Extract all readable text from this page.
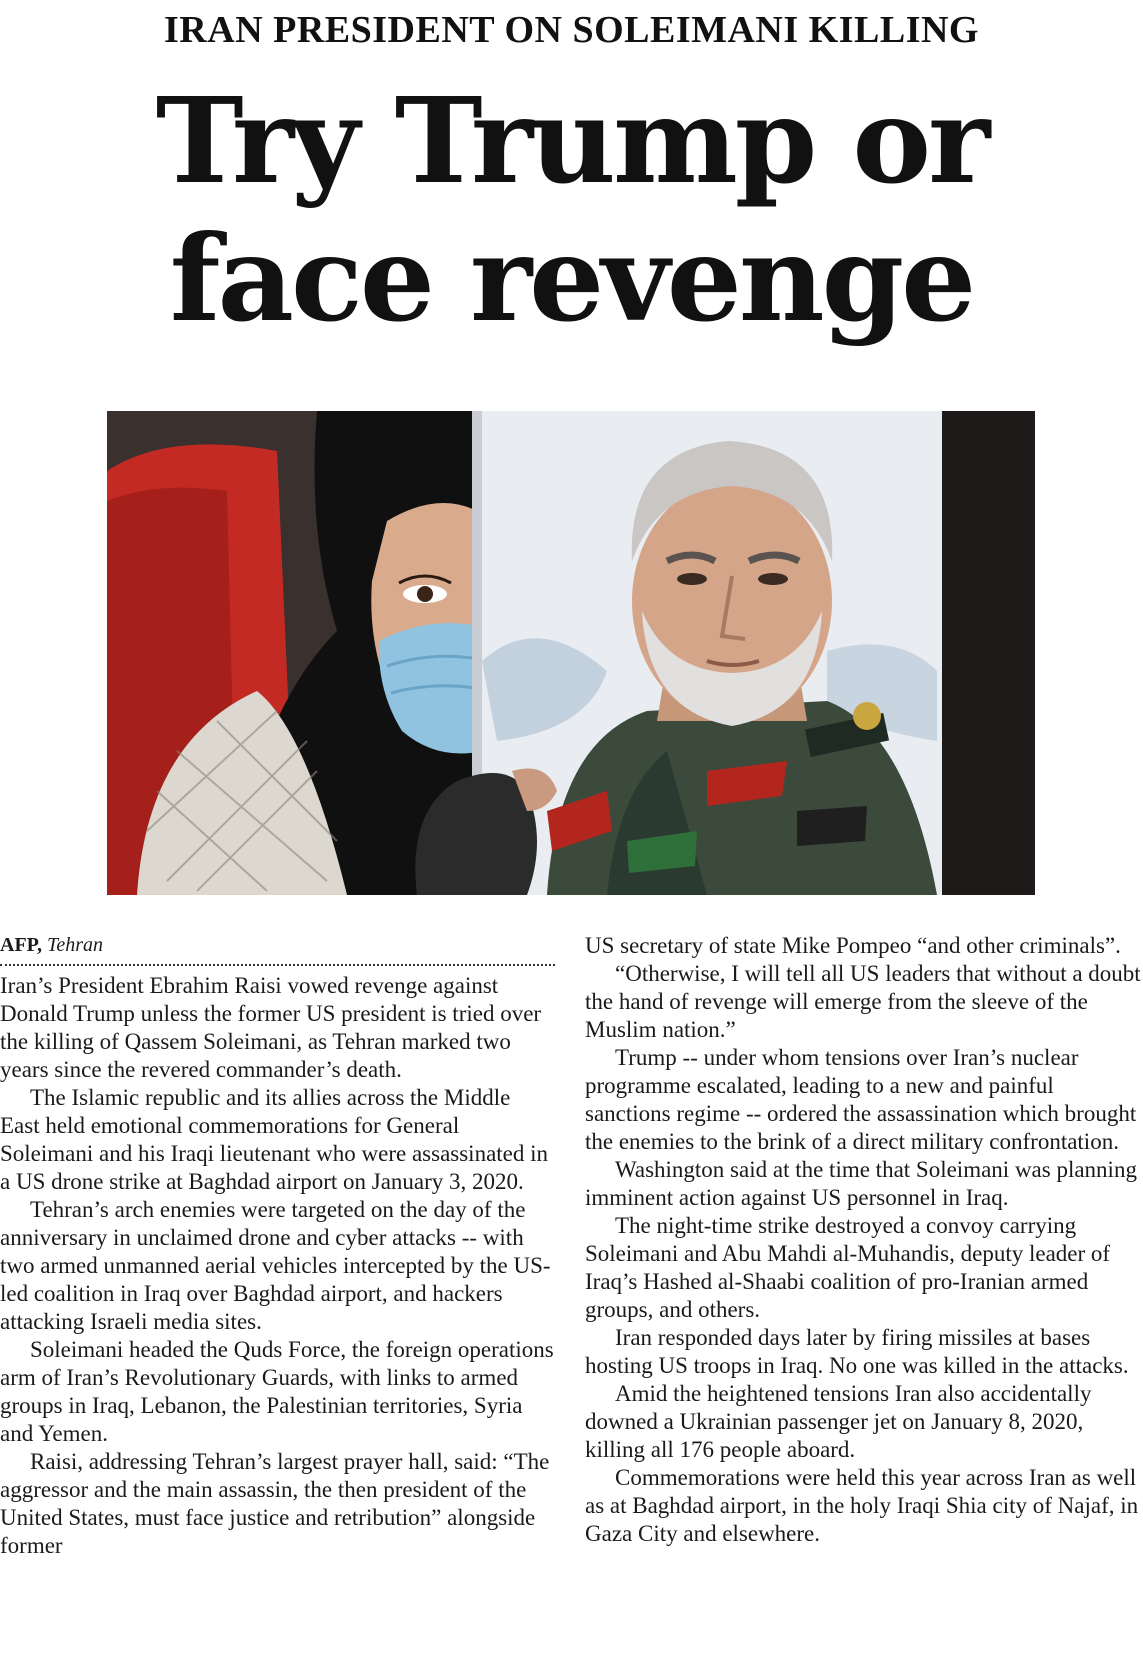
IRAN PRESIDENT ON SOLEIMANI KILLING
Try Trump or
face revenge
AFP, Tehran

Iran’s President Ebrahim Raisi vowed revenge against Donald Trump unless the former US president is tried over the killing of Qassem Soleimani, as Tehran marked two years since the revered commander’s death.

The Islamic republic and its allies across the Middle East held emotional commemorations for General Soleimani and his Iraqi lieutenant who were assassinated in a US drone strike at Baghdad airport on January 3, 2020.

Tehran’s arch enemies were targeted on the day of the anniversary in unclaimed drone and cyber attacks -- with two armed unmanned aerial vehicles intercepted by the US-led coalition in Iraq over Baghdad airport, and hackers attacking Israeli media sites.

Soleimani headed the Quds Force, the foreign operations arm of Iran’s Revolutionary Guards, with links to armed groups in Iraq, Lebanon, the Palestinian territories, Syria and Yemen.

Raisi, addressing Tehran’s largest prayer hall, said: “The aggressor and the main assassin, the then president of the United States, must face justice and retribution” alongside former

US secretary of state Mike Pompeo “and other criminals”.

“Otherwise, I will tell all US leaders that without a doubt the hand of revenge will emerge from the sleeve of the Muslim nation.”

Trump -- under whom tensions over Iran’s nuclear programme escalated, leading to a new and painful sanctions regime -- ordered the assassination which brought the enemies to the brink of a direct military confrontation.

Washington said at the time that Soleimani was planning imminent action against US personnel in Iraq.

The night-time strike destroyed a convoy carrying Soleimani and Abu Mahdi al-Muhandis, deputy leader of Iraq’s Hashed al-Shaabi coalition of pro-Iranian armed groups, and others.

Iran responded days later by firing missiles at bases hosting US troops in Iraq. No one was killed in the attacks.

Amid the heightened tensions Iran also accidentally downed a Ukrainian passenger jet on January 8, 2020, killing all 176 people aboard.

Commemorations were held this year across Iran as well as at Baghdad airport, in the holy Iraqi Shia city of Najaf, in Gaza City and elsewhere.
